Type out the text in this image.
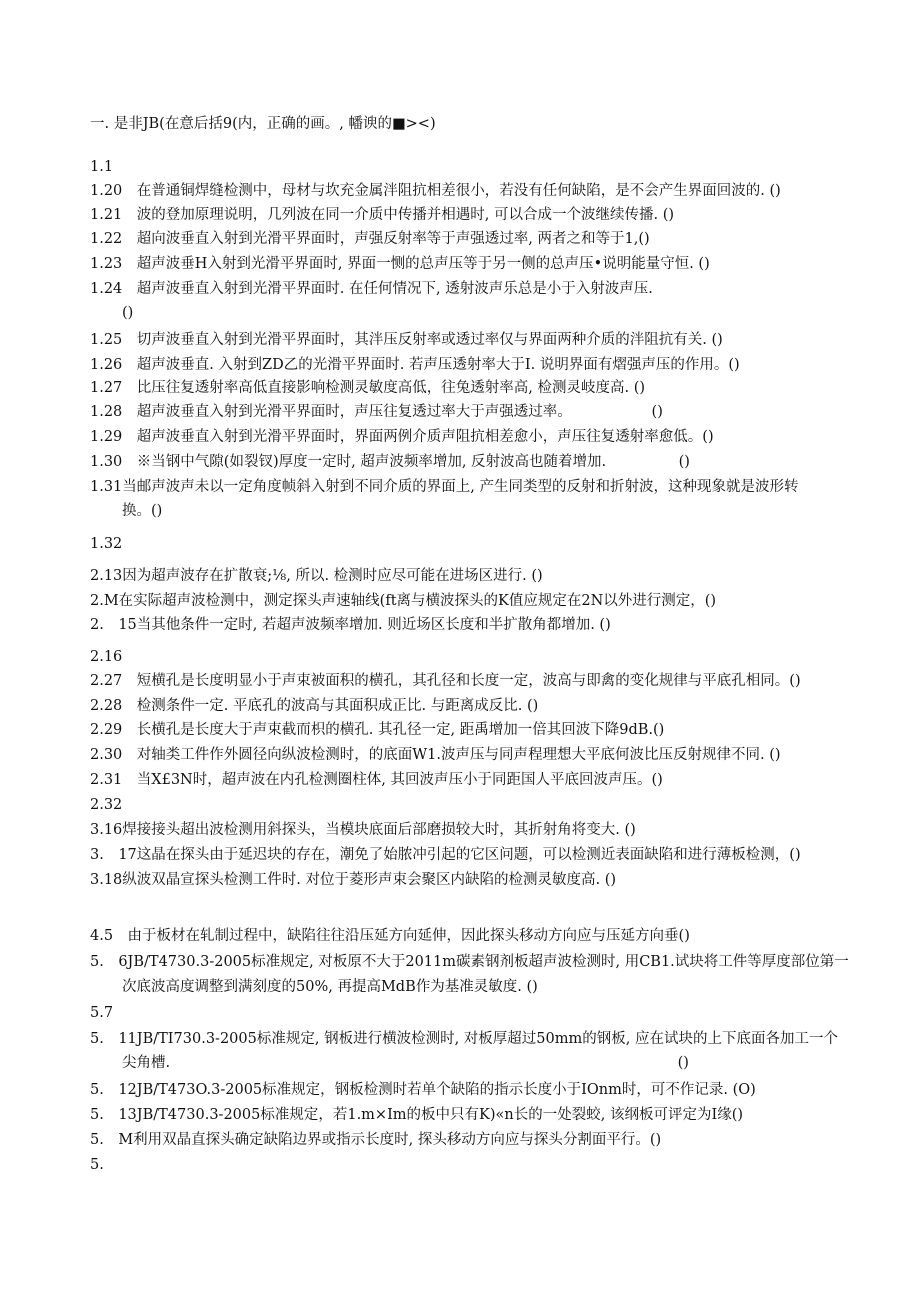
一. 是非JB(在意后括9(内，正确的画。, 幡谀的■><)
1.1
1.20　在普通铜焊缝检测中，母材与坎充金属泮阻抗相差很小，若没有任何缺陷，是不会产生界面回波的. ()
1.21　波的登加原理说明，几列波在同一介质中传播并相遇时, 可以合成一个波继续传播. ()
1.22　超向波垂直入射到光滑平界面时，声强反射率等于声强透过率, 两者之和等于1,()
1.23　超声波垂H入射到光滑平界面时, 界面一恻的总声压等于另一侧的总声压•说明能量守恒. ()
1.24　超声波垂直入射到光滑平界面时. 在任何情况下, 透射波声乐总是小于入射波声压.
()
1.25　切声波垂直入射到光滑平界面时，其泮压反射率或透过率仅与界面两种介质的泮阻抗有关. ()
1.26　超声波垂直. 入射到ZD乙的光滑平界面时. 若声压透射率大于I. 说明界面有熠强声压的作用。()
1.27　比压往复透射率高低直接影响检测灵敏度高低，往兔透射率高, 检测灵岐度高. ()
1.28　超声波垂直入射到光滑平界面时，声压往复透过率大于声强透过率。　　　　　　()
1.29　超声波垂直入射到光滑平界面时，界面两例介质声阻抗相差愈小，声压往复透射率愈低。()
1.30　※当钢中气隙(如裂钗)厚度一定时, 超声波频率增加, 反射波高也随着增加.　　　　　()
1.31当邮声波声未以一定角度帧斜入射到不同介质的界面上, 产生同类型的反射和折射波，这种现象就是波形转
换。()
1.32
2.13因为超声波存在扩散衰;⅛, 所以. 检测时应尽可能在进场区进行. ()
2.M在实际超声波检测中，测定探头声速轴线(ft离与横波探头的K值应规定在2N以外进行测定，()
2.　15当其他条件一定时, 若超声波频率增加. 则近场区长度和半扩散角都增加. ()
2.16
2.27　短横孔是长度明显小于声束被面积的横孔，其孔径和长度一定，波高与即禽的变化规律与平底孔相同。()
2.28　检测条件一定. 平底孔的波高与其面积成正比. 与距离成反比. ()
2.29　长横孔是长度大于声束截而枳的横孔. 其孔径一定, 距禹增加一倍其回波下降9dB.()
2.30　对轴类工件作外圆径向纵波检测时，的底面W1.波声压与同声程理想大平底何波比压反射规律不同. ()
2.31　当X£3N时，超声波在内孔检测圈柱体, 其回波声压小于同距国人平底回波声压。()
2.32
3.16焊接接头超出波检测用斜探头，当模块底面后部磨损较大时，其折射角将变大. ()
3.　17这晶在探头由于延迟块的存在，潮免了始脓冲引起的它区问题，可以检测近表面缺陷和进行薄板检测，()
3.18纵波双晶宣探头检测工件时. 对位于菱形声束会聚区内缺陷的检测灵敏度高. ()
4.5　由于板材在轧制过程中，缺陷往往沿压延方向延伸，因此探头移动方向应与压延方向垂()
5.　6JB/T4730.3-2005标准规定, 对板原不大于2011m碳素钢剂板超声波检测时, 用CB1.试块将工件等厚度部位第一
次底波高度调整到满刻度的50%, 再提高MdB作为基准灵敏度. ()
5.7
5.　11JB/TI730.3-2005标准规定, 钢板进行横波检测时, 对板厚超过50mm的钢板, 应在试块的上下底面各加工一个
尖角槽.　　　　　　　　　　　　　　　　　　　　　　　　　　　　　　　　　　　()
5.　12JB/T473O.3-2005标准规定，钢板检测时若单个缺陷的指示长度小于IOnm时，可不作记录. (O)
5.　13JB/T4730.3-2005标准规定，若1.m×Im的板中只有K)«n长的一处裂蛟, 该纲板可评定为I缘()
5.　M利用双晶直探头确定缺陷边界或指示长度时, 探头移动方向应与探头分割面平行。()
5.
